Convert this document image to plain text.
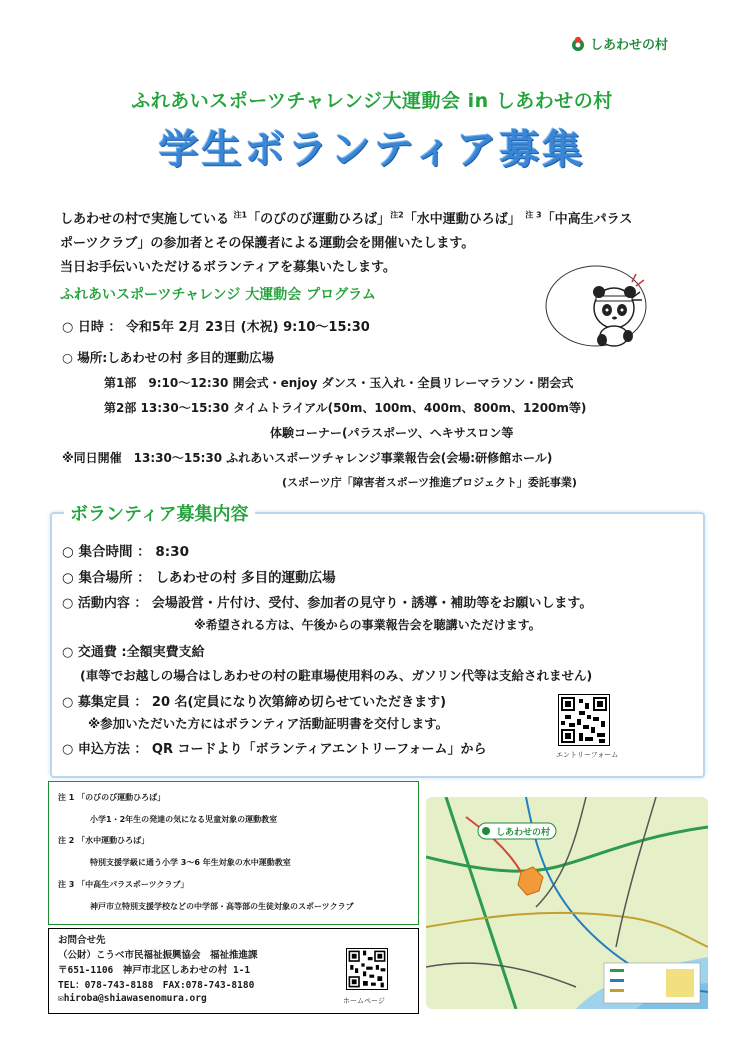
しあわせの村
ふれあいスポーツチャレンジ大運動会 in しあわせの村
学生ボランティア募集
しあわせの村で実施している $^{注1}$「のびのび運動ひろば」$^{注2}$「水中運動ひろば」 $^{注 3}$「中高生パラス
ポーツクラブ」の参加者とその保護者による運動会を開催いたします。
当日お手伝いいただけるボランティアを募集いたします。
ふれあいスポーツチャレンジ 大運動会 プログラム
○ 日時 ： 令和5年 2月 23日 (木祝) 9:10～15:30
○ 場所:しあわせの村 多目的運動広場
第1部　9:10～12:30 開会式・enjoy ダンス・玉入れ・全員リレーマラソン・閉会式
第2部 13:30～15:30 タイムトライアル(50m、100m、400m、800m、1200m等)
体験コーナー(パラスポーツ、ヘキサスロン等
※同日開催　13:30～15:30 ふれあいスポーツチャレンジ事業報告会(会場:研修館ホール)
(スポーツ庁「障害者スポーツ推進プロジェクト」委託事業)
ボランティア募集内容
○ 集合時間 ： 8:30
○ 集合場所 ： しあわせの村 多目的運動広場
○ 活動内容 ： 会場設営・片付け、受付、参加者の見守り・誘導・補助等をお願いします。
※希望される方は、午後からの事業報告会を聴講いただけます。
○ 交通費 :全額実費支給
(車等でお越しの場合はしあわせの村の駐車場使用料のみ、ガソリン代等は支給されません)
○ 募集定員 ： 20 名(定員になり次第締め切らせていただきます)
※参加いただいた方にはボランティア活動証明書を交付します。
○ 申込方法 ： QR コードより「ボランティアエントリーフォーム」から	エントリーフォーム
注 1 「のびのび運動ひろば」
小学1・2年生の発達の気になる児童対象の運動教室
注 2 「水中運動ひろば」
特別支援学級に通う小学 3～6 年生対象の水中運動教室
注 3 「中高生パラスポーツクラブ」
神戸市立特別支援学校などの中学部・高等部の生徒対象のスポーツクラブ
お問合せ先
（公財）こうべ市民福祉振興協会　福祉推進課
〒651-1106　神戸市北区しあわせの村 1-1
TEL：078-743-8188　FAX:078-743-8180
✉hiroba@shiawasenomura.org	ホームページ
しあわせの村
